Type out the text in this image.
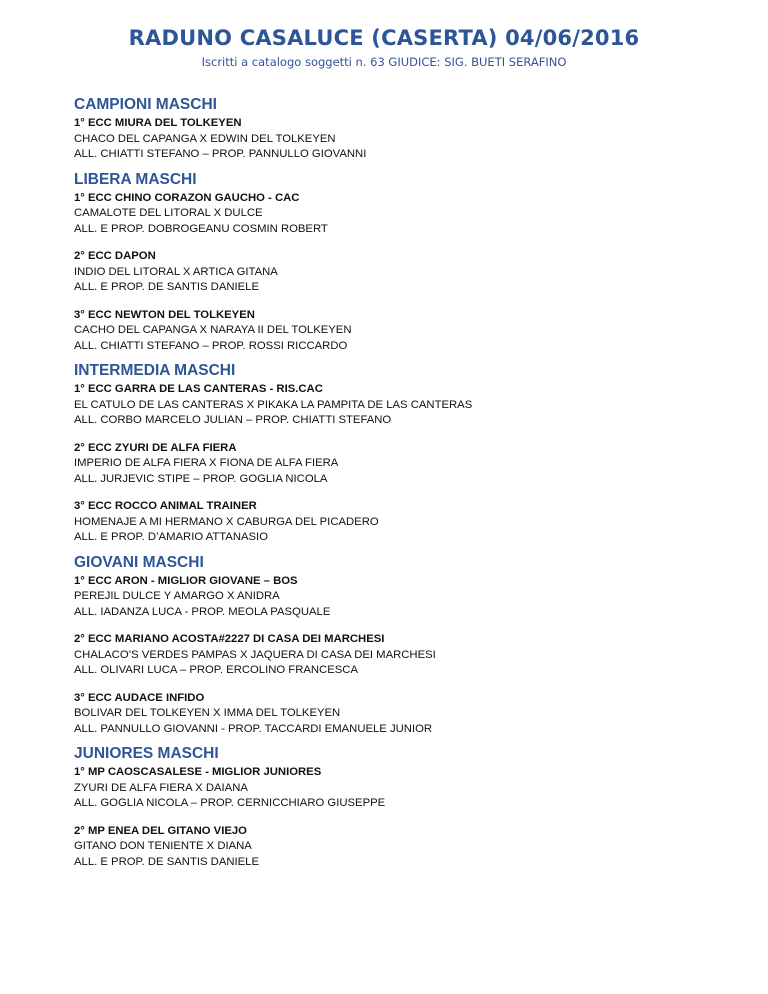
RADUNO CASALUCE (CASERTA) 04/06/2016

Iscritti a catalogo soggetti n. 63 GIUDICE: SIG. BUETI SERAFINO

CAMPIONI MASCHI
1° ECC MIURA DEL TOLKEYEN
CHACO DEL CAPANGA X EDWIN DEL TOLKEYEN
ALL. CHIATTI STEFANO – PROP. PANNULLO GIOVANNI
LIBERA MASCHI
1° ECC CHINO CORAZON GAUCHO - CAC
CAMALOTE DEL LITORAL X DULCE
ALL. E PROP. DOBROGEANU COSMIN ROBERT
2° ECC DAPON
INDIO DEL LITORAL X ARTICA GITANA
ALL. E PROP. DE SANTIS DANIELE
3° ECC NEWTON DEL TOLKEYEN
CACHO DEL CAPANGA X NARAYA II DEL TOLKEYEN
ALL. CHIATTI STEFANO – PROP. ROSSI RICCARDO
INTERMEDIA MASCHI
1° ECC GARRA DE LAS CANTERAS - RIS.CAC
EL CATULO DE LAS CANTERAS X PIKAKA LA PAMPITA DE LAS CANTERAS
ALL. CORBO MARCELO JULIAN – PROP. CHIATTI STEFANO
2° ECC ZYURI DE ALFA FIERA
IMPERIO DE ALFA FIERA X FIONA DE ALFA FIERA
ALL. JURJEVIC STIPE – PROP. GOGLIA NICOLA
3° ECC ROCCO ANIMAL TRAINER
HOMENAJE A MI HERMANO X CABURGA DEL PICADERO
ALL. E PROP. D’AMARIO ATTANASIO
GIOVANI MASCHI
1° ECC ARON - MIGLIOR GIOVANE – BOS
PEREJIL DULCE Y AMARGO X ANIDRA
ALL. IADANZA LUCA - PROP. MEOLA PASQUALE
2° ECC MARIANO ACOSTA#2227 DI CASA DEI MARCHESI
CHALACO’S VERDES PAMPAS X JAQUERA DI CASA DEI MARCHESI
ALL. OLIVARI LUCA – PROP. ERCOLINO FRANCESCA
3° ECC AUDACE INFIDO
BOLIVAR DEL TOLKEYEN X IMMA DEL TOLKEYEN
ALL. PANNULLO GIOVANNI - PROP. TACCARDI EMANUELE JUNIOR
JUNIORES MASCHI
1° MP CAOSCASALESE - MIGLIOR JUNIORES
ZYURI DE ALFA FIERA X DAIANA
ALL. GOGLIA NICOLA – PROP. CERNICCHIARO GIUSEPPE
2° MP ENEA DEL GITANO VIEJO
GITANO DON TENIENTE X DIANA
ALL. E PROP. DE SANTIS DANIELE
